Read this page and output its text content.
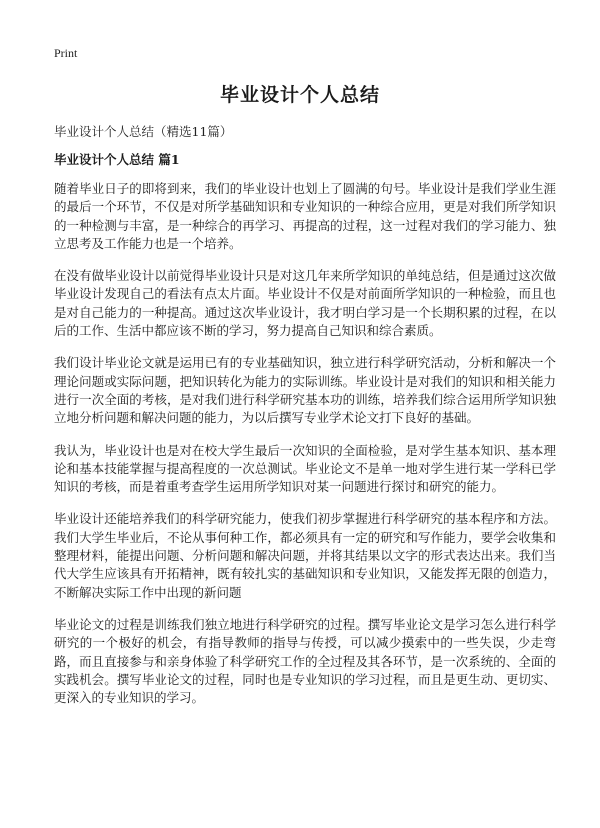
Print
毕业设计个人总结
毕业设计个人总结（精选11篇）
毕业设计个人总结 篇1

随着毕业日子的即将到来，我们的毕业设计也划上了圆满的句号。毕业设计是我们学业生涯的最后一个环节，不仅是对所学基础知识和专业知识的一种综合应用，更是对我们所学知识的一种检测与丰富，是一种综合的再学习、再提高的过程，这一过程对我们的学习能力、独立思考及工作能力也是一个培养。

在没有做毕业设计以前觉得毕业设计只是对这几年来所学知识的单纯总结，但是通过这次做毕业设计发现自己的看法有点太片面。毕业设计不仅是对前面所学知识的一种检验，而且也是对自己能力的一种提高。通过这次毕业设计，我才明白学习是一个长期积累的过程，在以后的工作、生活中都应该不断的学习，努力提高自己知识和综合素质。

我们设计毕业论文就是运用已有的专业基础知识，独立进行科学研究活动，分析和解决一个理论问题或实际问题，把知识转化为能力的实际训练。毕业设计是对我们的知识和相关能力进行一次全面的考核，是对我们进行科学研究基本功的训练，培养我们综合运用所学知识独立地分析问题和解决问题的能力，为以后撰写专业学术论文打下良好的基础。

我认为，毕业设计也是对在校大学生最后一次知识的全面检验，是对学生基本知识、基本理论和基本技能掌握与提高程度的一次总测试。毕业论文不是单一地对学生进行某一学科已学知识的考核，而是着重考查学生运用所学知识对某一问题进行探讨和研究的能力。

毕业设计还能培养我们的科学研究能力，使我们初步掌握进行科学研究的基本程序和方法。我们大学生毕业后，不论从事何种工作，都必须具有一定的研究和写作能力，要学会收集和整理材料，能提出问题、分析问题和解决问题，并将其结果以文字的形式表达出来。我们当代大学生应该具有开拓精神，既有较扎实的基础知识和专业知识，又能发挥无限的创造力，不断解决实际工作中出现的新问题

毕业论文的过程是训练我们独立地进行科学研究的过程。撰写毕业论文是学习怎么进行科学研究的一个极好的机会，有指导教师的指导与传授，可以减少摸索中的一些失误，少走弯路，而且直接参与和亲身体验了科学研究工作的全过程及其各环节，是一次系统的、全面的实践机会。撰写毕业论文的过程，同时也是专业知识的学习过程，而且是更生动、更切实、更深入的专业知识的学习。
